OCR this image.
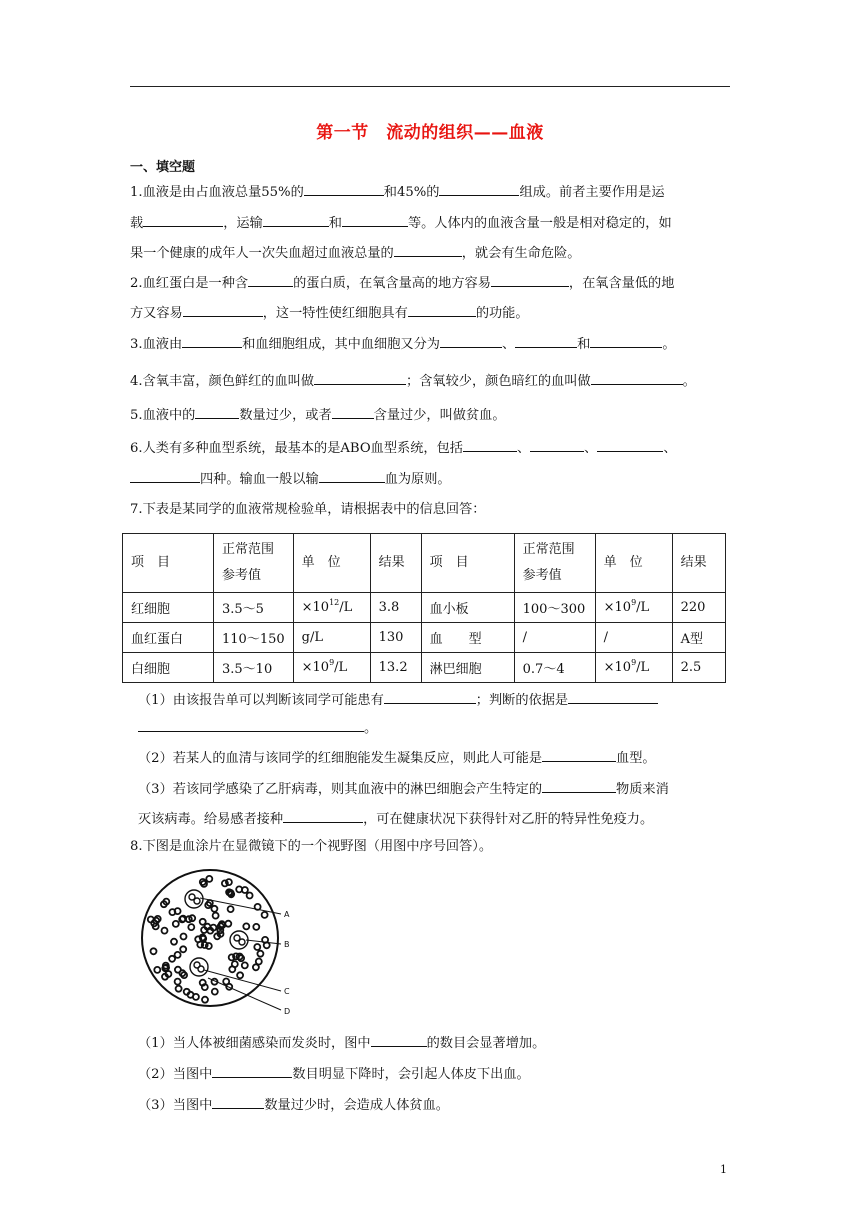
第一节　流动的组织——血液
一、填空题
1.血液是由占血液总量55%的	和45%的	组成。前者主要作用是运
载	，运输	和	等。人体内的血液含量一般是相对稳定的，如
果一个健康的成年人一次失血超过血液总量的	，就会有生命危险。
2.血红蛋白是一种含	的蛋白质，在氧含量高的地方容易	，在氧含量低的地
方又容易	，这一特性使红细胞具有	的功能。
3.血液由	和血细胞组成，其中血细胞又分为	、	和	。
4.含氧丰富，颜色鲜红的血叫做	；含氧较少，颜色暗红的血叫做	。
5.血液中的	数量过少，或者	含量过少，叫做贫血。
6.人类有多种血型系统，最基本的是ABO血型系统，包括	、	、	、
四种。输血一般以输	血为原则。
7.下表是某同学的血液常规检验单，请根据表中的信息回答：
项　目	正常范围
参考值	单　位	结果	项　目	正常范围
参考值	单　位	结果
红细胞	3.5～5	$\times 10^{12}/L$	3.8	血小板	100～300	$\times 10^9/L$	220
血红蛋白	110～150	g/L	130	血　　型	/	/	A型
白细胞	3.5～10	$\times 10^9/L$	13.2	淋巴细胞	0.7～4	$\times 10^9/L$	2.5
（1）由该报告单可以判断该同学可能患有	；判断的依据是
。
（2）若某人的血清与该同学的红细胞能发生凝集反应，则此人可能是	血型。
（3）若该同学感染了乙肝病毒，则其血液中的淋巴细胞会产生特定的	物质来消
灭该病毒。给易感者接种	，可在健康状况下获得针对乙肝的特异性免疫力。
8.下图是血涂片在显微镜下的一个视野图（用图中序号回答）。
A
B
C
D
（1）当人体被细菌感染而发炎时，图中	的数目会显著增加。
（2）当图中	数目明显下降时，会引起人体皮下出血。
（3）当图中	数量过少时，会造成人体贫血。
1
